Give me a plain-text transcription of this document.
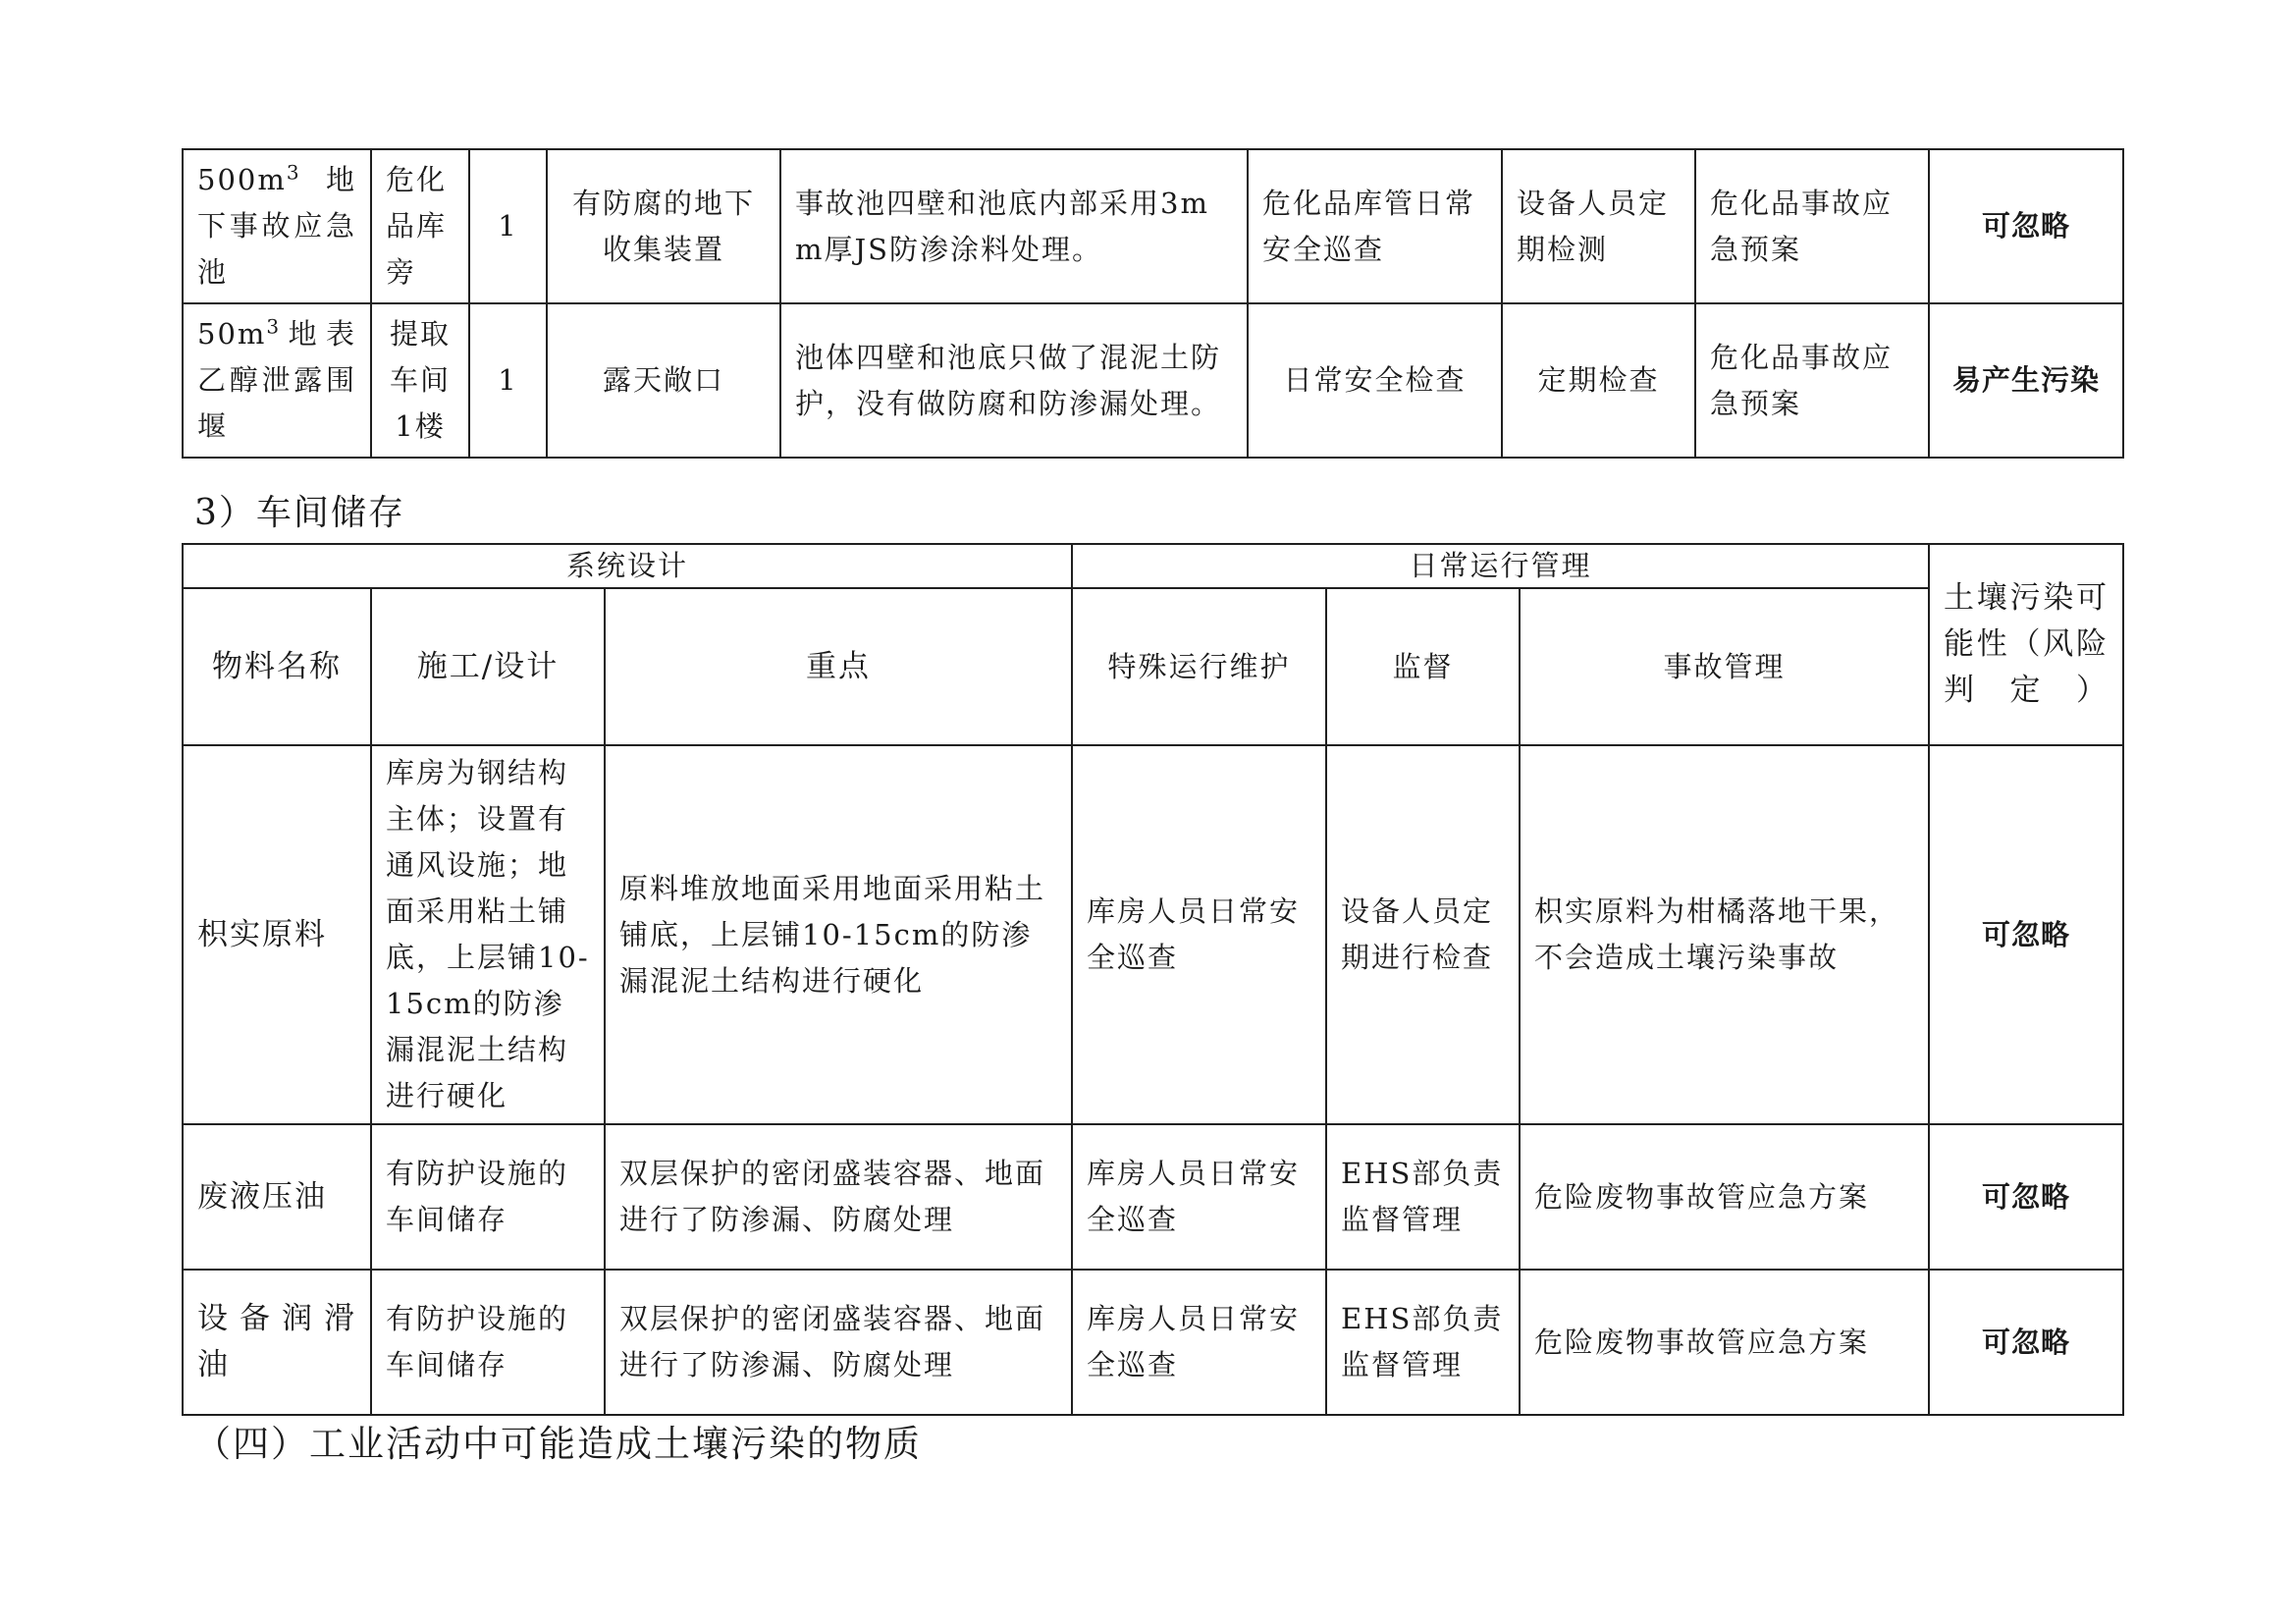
$500m^3$地下事故应急池	危化品库旁	1	有防腐的地下收集装置	事故池四壁和池底内部采用3mm厚JS防渗涂料处理。	危化品库管日常安全巡查	设备人员定期检测	危化品事故应急预案	可忽略
$50m^3$地表乙醇泄露围堰	提取车间1楼	1	露天敞口	池体四壁和池底只做了混泥土防护，没有做防腐和防渗漏处理。	日常安全检查	定期检查	危化品事故应急预案	易产生污染
3）车间储存
系统设计			日常运行管理			土壤污染可能性（风险判定）
物料名称	施工/设计	重点	特殊运行维护	监督	事故管理	
枳实原料	库房为钢结构主体；设置有通风设施；地面采用粘土铺底，上层铺10-15cm的防渗漏混泥土结构进行硬化	原料堆放地面采用地面采用粘土铺底，上层铺10-15cm的防渗漏混泥土结构进行硬化	库房人员日常安全巡查	设备人员定期进行检查	枳实原料为柑橘落地干果，不会造成土壤污染事故	可忽略
废液压油	有防护设施的车间储存	双层保护的密闭盛装容器、地面进行了防渗漏、防腐处理	库房人员日常安全巡查	EHS部负责监督管理	危险废物事故管应急方案	可忽略
设备润滑油	有防护设施的车间储存	双层保护的密闭盛装容器、地面进行了防渗漏、防腐处理	库房人员日常安全巡查	EHS部负责监督管理	危险废物事故管应急方案	可忽略
（四）工业活动中可能造成土壤污染的物质
